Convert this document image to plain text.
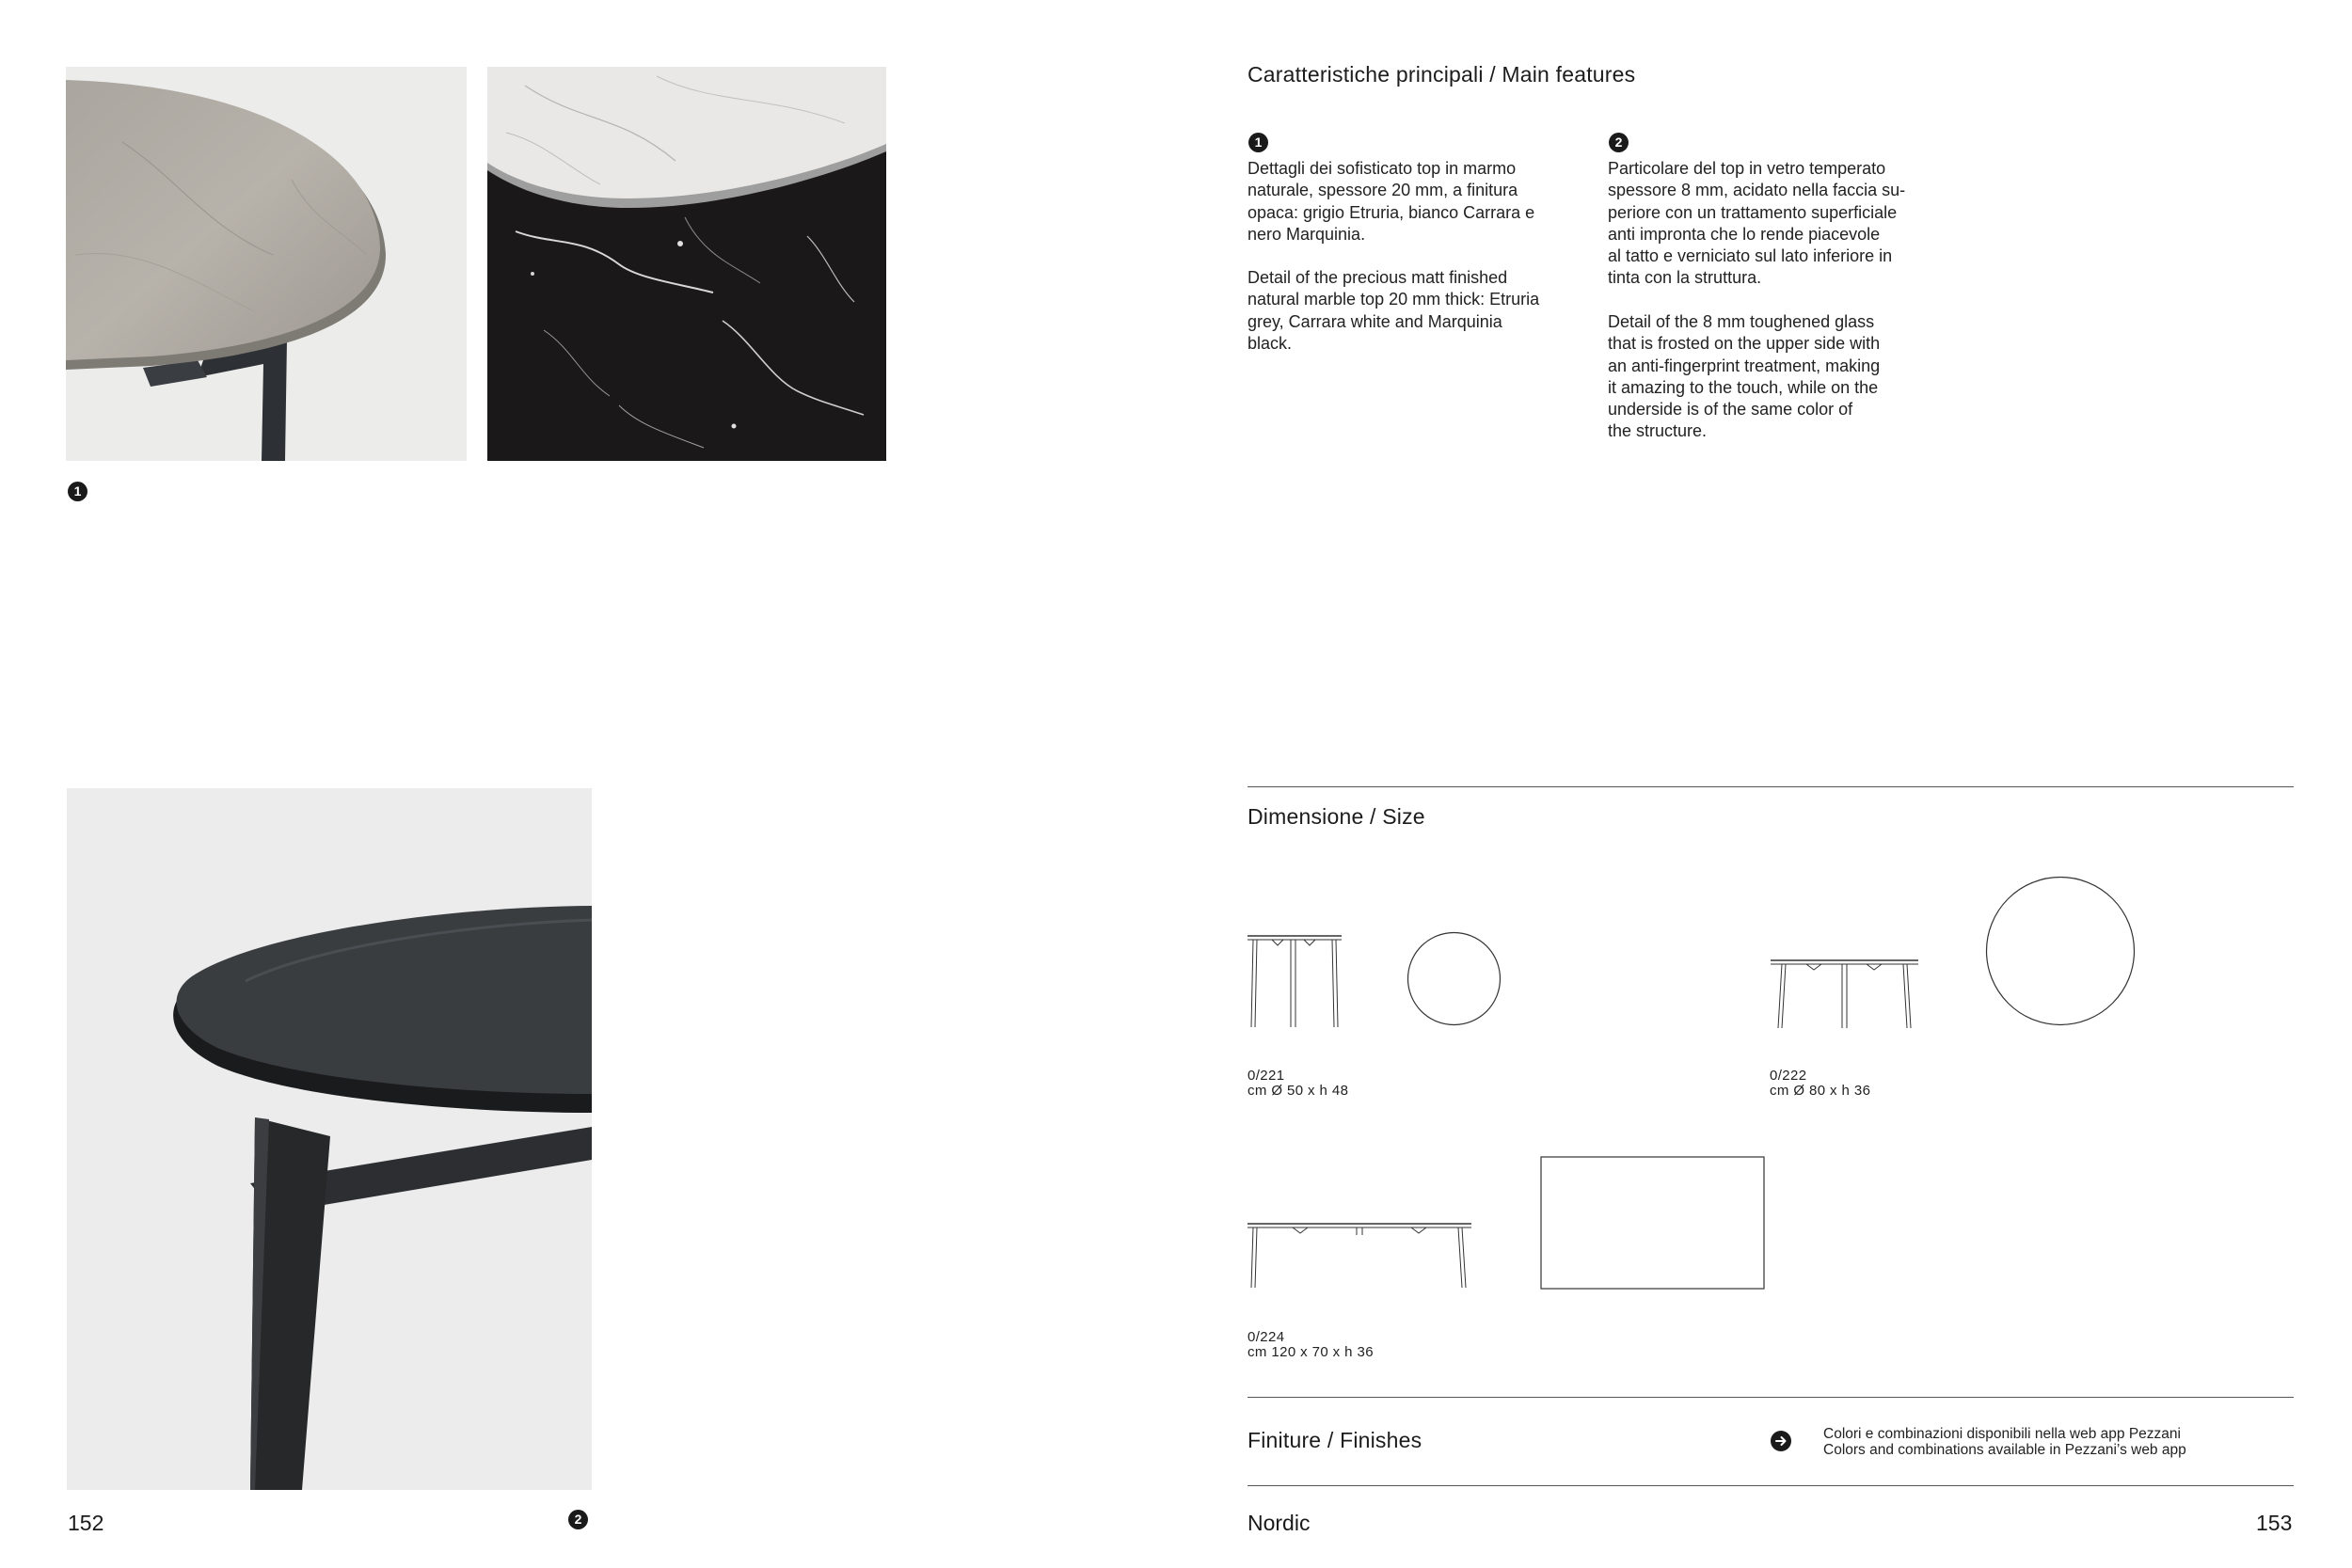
1
152	2
Caratteristiche principali / Main features
1
Dettagli dei sofisticato top in marmo
naturale, spessore 20 mm, a finitura
opaca: grigio Etruria, bianco Carrara e
nero Marquinia.
Detail of the precious matt finished
natural marble top 20 mm thick: Etruria
grey, Carrara white and Marquinia
black.
2
Particolare del top in vetro temperato
spessore 8 mm, acidato nella faccia su-
periore con un trattamento superficiale
anti impronta che lo rende piacevole
al tatto e verniciato sul lato inferiore in
tinta con la struttura.
Detail of the 8 mm toughened glass
that is frosted on the upper side with
an anti-fingerprint treatment, making
it amazing to the touch, while on the
underside is of the same color of
the structure.
Dimensione / Size
0/221
cm Ø 50 x h 48
0/222
cm Ø 80 x h 36
0/224
cm 120 x 70 x h 36
Finiture / Finishes	Colori e combinazioni disponibili nella web app Pezzani
Colors and combinations available in Pezzani’s web app
Nordic	153
